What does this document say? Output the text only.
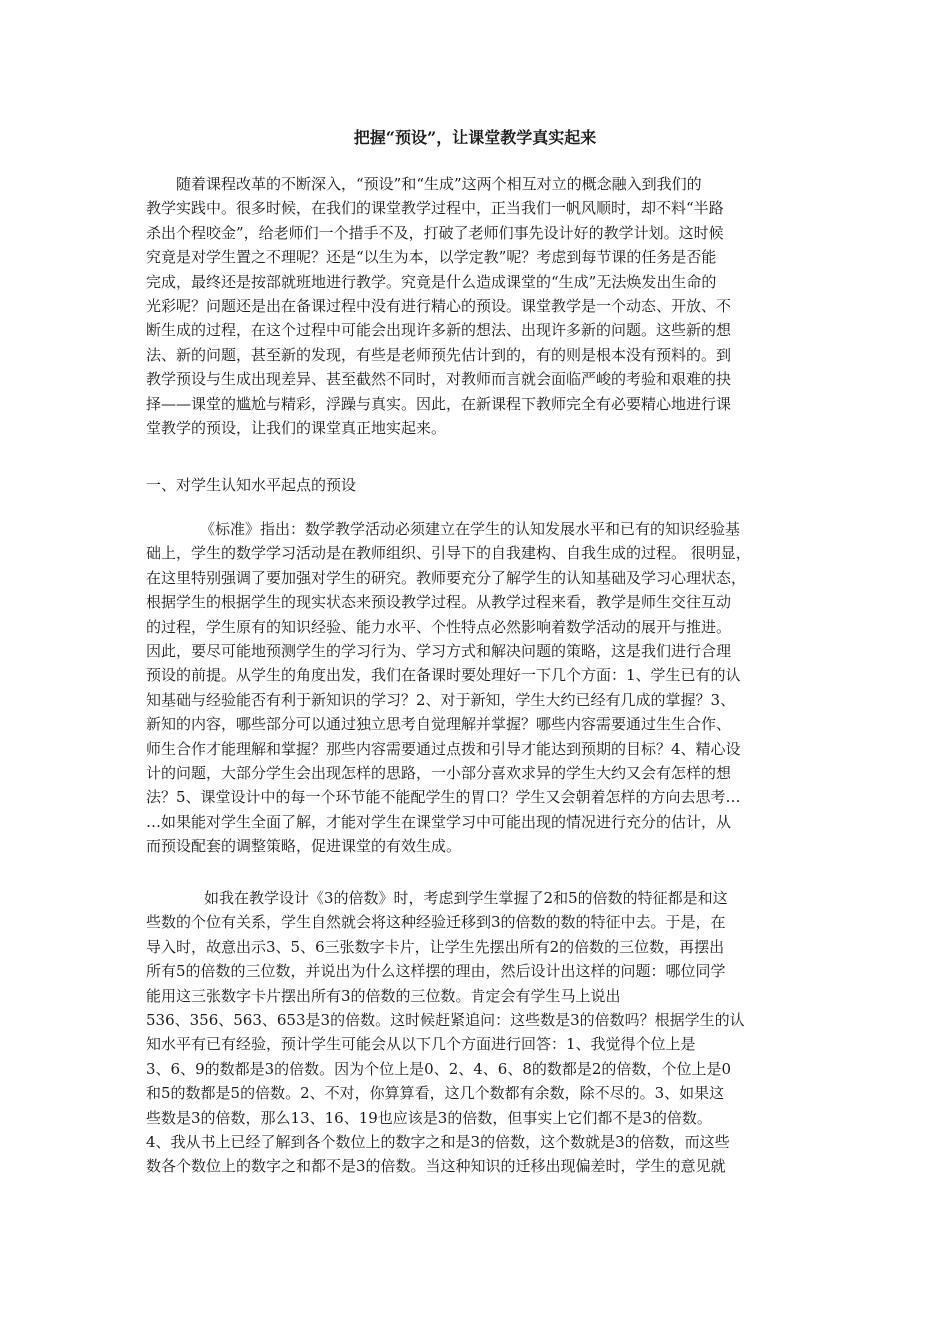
把握“预设”，让课堂教学真实起来
随着课程改革的不断深入，“预设”和“生成”这两个相互对立的概念融入到我们的
教学实践中。很多时候，在我们的课堂教学过程中，正当我们一帆风顺时，却不料“半路
杀出个程咬金”，给老师们一个措手不及，打破了老师们事先设计好的教学计划。这时候
究竟是对学生置之不理呢？还是“以生为本，以学定教”呢？考虑到每节课的任务是否能
完成，最终还是按部就班地进行教学。究竟是什么造成课堂的“生成”无法焕发出生命的
光彩呢？问题还是出在备课过程中没有进行精心的预设。课堂教学是一个动态、开放、不
断生成的过程，在这个过程中可能会出现许多新的想法、出现许多新的问题。这些新的想
法、新的问题，甚至新的发现，有些是老师预先估计到的，有的则是根本没有预料的。到
教学预设与生成出现差异、甚至截然不同时，对教师而言就会面临严峻的考验和艰难的抉
择——课堂的尴尬与精彩，浮躁与真实。因此，在新课程下教师完全有必要精心地进行课
堂教学的预设，让我们的课堂真正地实起来。
一、对学生认知水平起点的预设
《标准》指出：数学教学活动必须建立在学生的认知发展水平和已有的知识经验基
础上，学生的数学学习活动是在教师组织、引导下的自我建构、自我生成的过程。 很明显，
在这里特别强调了要加强对学生的研究。教师要充分了解学生的认知基础及学习心理状态，
根据学生的根据学生的现实状态来预设教学过程。从教学过程来看，教学是师生交往互动
的过程，学生原有的知识经验、能力水平、个性特点必然影响着数学活动的展开与推进。
因此，要尽可能地预测学生的学习行为、学习方式和解决问题的策略，这是我们进行合理
预设的前提。从学生的角度出发，我们在备课时要处理好一下几个方面：1、学生已有的认
知基础与经验能否有利于新知识的学习？2、对于新知，学生大约已经有几成的掌握？3、
新知的内容，哪些部分可以通过独立思考自觉理解并掌握？哪些内容需要通过生生合作、
师生合作才能理解和掌握？那些内容需要通过点拨和引导才能达到预期的目标？4、精心设
计的问题，大部分学生会出现怎样的思路，一小部分喜欢求异的学生大约又会有怎样的想
法？5、课堂设计中的每一个环节能不能配学生的胃口？学生又会朝着怎样的方向去思考…
…如果能对学生全面了解，才能对学生在课堂学习中可能出现的情况进行充分的估计，从
而预设配套的调整策略，促进课堂的有效生成。
如我在教学设计《3的倍数》时，考虑到学生掌握了2和5的倍数的特征都是和这
些数的个位有关系，学生自然就会将这种经验迁移到3的倍数的数的特征中去。于是，在
导入时，故意出示3、5、6三张数字卡片，让学生先摆出所有2的倍数的三位数，再摆出
所有5的倍数的三位数，并说出为什么这样摆的理由，然后设计出这样的问题：哪位同学
能用这三张数字卡片摆出所有3的倍数的三位数。肯定会有学生马上说出
536、356、563、653是3的倍数。这时候赶紧追问：这些数是3的倍数吗？根据学生的认
知水平有已有经验，预计学生可能会从以下几个方面进行回答：1、我觉得个位上是
3、6、9的数都是3的倍数。因为个位上是0、2、4、6、8的数都是2的倍数，个位上是0
和5的数都是5的倍数。2、不对，你算算看，这几个数都有余数，除不尽的。3、如果这
些数是3的倍数，那么13、16、19也应该是3的倍数，但事实上它们都不是3的倍数。
4、我从书上已经了解到各个数位上的数字之和是3的倍数，这个数就是3的倍数，而这些
数各个数位上的数字之和都不是3的倍数。当这种知识的迁移出现偏差时，学生的意见就
